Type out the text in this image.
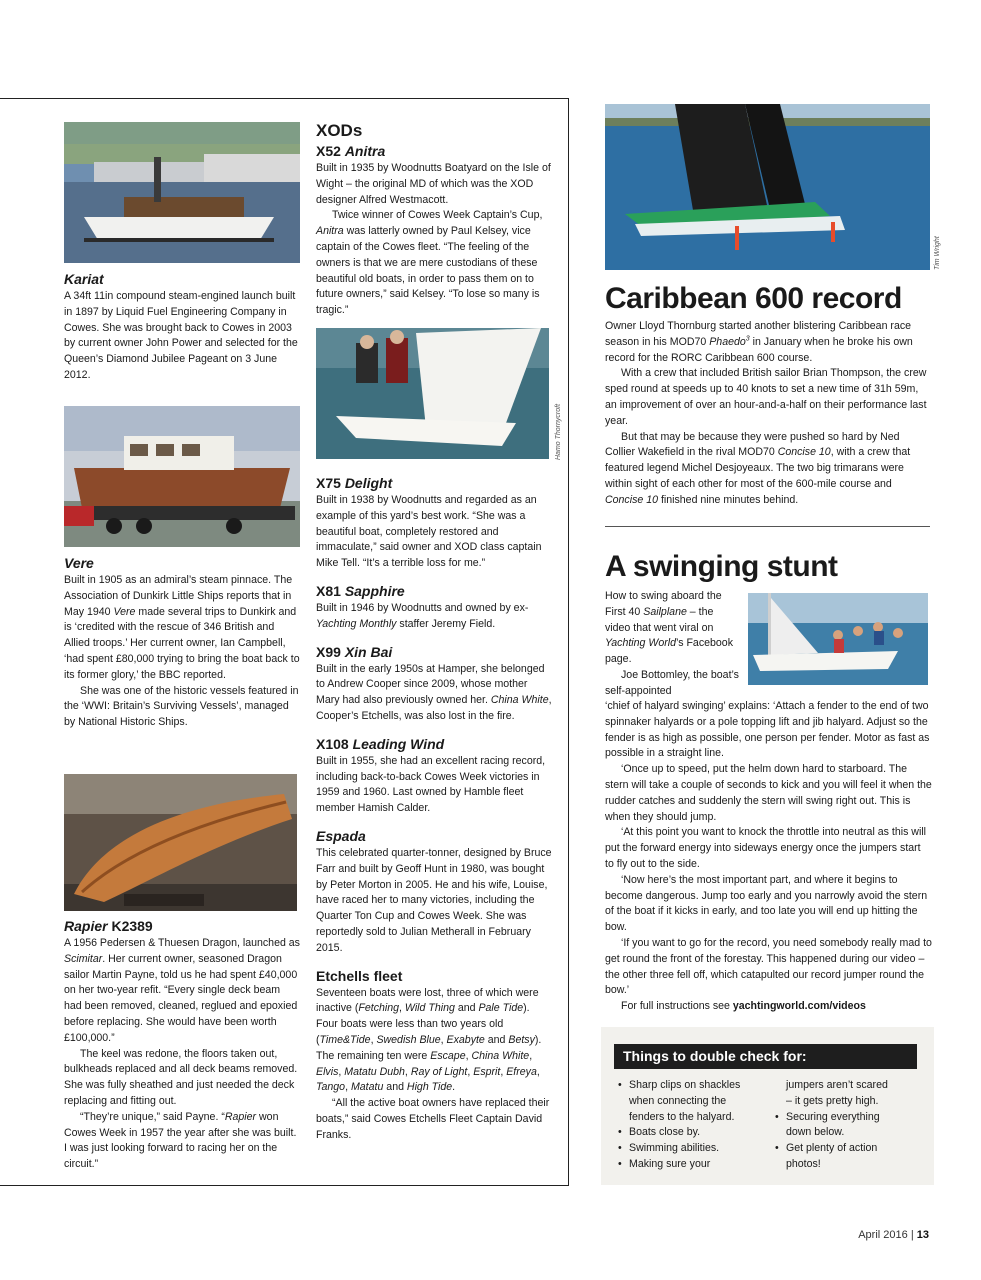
Kariat

A 34ft 11in compound steam-engined launch built in 1897 by Liquid Fuel Engineering Company in Cowes. She was brought back to Cowes in 2003 by current owner John Power and selected for the Queen’s Diamond Jubilee Pageant on 3 June 2012.

Vere

Built in 1905 as an admiral’s steam pinnace. The Association of Dunkirk Little Ships reports that in May 1940 Vere made several trips to Dunkirk and is ‘credited with the rescue of 346 British and Allied troops.’ Her current owner, Ian Campbell, ‘had spent £80,000 trying to bring the boat back to its former glory,’ the BBC reported.

She was one of the historic vessels featured in the ‘WWI: Britain’s Surviving Vessels’, managed by National Historic Ships.

Rapier K2389

A 1956 Pedersen & Thuesen Dragon, launched as Scimitar. Her current owner, seasoned Dragon sailor Martin Payne, told us he had spent £40,000 on her two-year refit. “Every single deck beam had been removed, cleaned, reglued and epoxied before replacing. She would have been worth £100,000.”

The keel was redone, the floors taken out, bulkheads replaced and all deck beams removed. She was fully sheathed and just needed the deck replacing and fitting out.

“They’re unique,” said Payne. “Rapier won Cowes Week in 1957 the year after she was built. I was just looking forward to racing her on the circuit.”

XODs
X52 Anitra

Built in 1935 by Woodnutts Boatyard on the Isle of Wight – the original MD of which was the XOD designer Alfred Westmacott.

Twice winner of Cowes Week Captain’s Cup, Anitra was latterly owned by Paul Kelsey, vice captain of the Cowes fleet. “The feeling of the owners is that we are mere custodians of these beautiful old boats, in order to pass them on to future owners,” said Kelsey. “To lose so many is tragic.”

Hamo Thornycroft
X75 Delight

Built in 1938 by Woodnutts and regarded as an example of this yard’s best work. “She was a beautiful boat, completely restored and immaculate,” said owner and XOD class captain Mike Tell. “It’s a terrible loss for me.”

X81 Sapphire

Built in 1946 by Woodnutts and owned by ex-Yachting Monthly staffer Jeremy Field.

X99 Xin Bai

Built in the early 1950s at Hamper, she belonged to Andrew Cooper since 2009, whose mother Mary had also previously owned her. China White, Cooper’s Etchells, was also lost in the fire.

X108 Leading Wind

Built in 1955, she had an excellent racing record, including back-to-back Cowes Week victories in 1959 and 1960. Last owned by Hamble fleet member Hamish Calder.

Espada

This celebrated quarter-tonner, designed by Bruce Farr and built by Geoff Hunt in 1980, was bought by Peter Morton in 2005. He and his wife, Louise, have raced her to many victories, including the Quarter Ton Cup and Cowes Week. She was reportedly sold to Julian Metherall in February 2015.

Etchells fleet

Seventeen boats were lost, three of which were inactive (Fetching, Wild Thing and Pale Tide). Four boats were less than two years old (Time&Tide, Swedish Blue, Exabyte and Betsy). The remaining ten were Escape, China White, Elvis, Matatu Dubh, Ray of Light, Esprit, Efreya, Tango, Matatu and High Tide.

“All the active boat owners have replaced their boats,” said Cowes Etchells Fleet Captain David Franks.

Tim Wright
Caribbean 600 record

Owner Lloyd Thornburg started another blistering Caribbean race season in his MOD70 Phaedo$^3$ in January when he broke his own record for the RORC Caribbean 600 course.

With a crew that included British sailor Brian Thompson, the crew sped round at speeds up to 40 knots to set a new time of 31h 59m, an improvement of over an hour-and-a-half on their performance last year.

But that may be because they were pushed so hard by Ned Collier Wakefield in the rival MOD70 Concise 10, with a crew that featured legend Michel Desjoyeaux. The two big trimarans were within sight of each other for most of the 600-mile course and Concise 10 finished nine minutes behind.

A swinging stunt

How to swing aboard the First 40 Sailplane – the video that went viral on Yachting World’s Facebook page.

Joe Bottomley, the boat’s self-appointed

‘chief of halyard swinging’ explains: ‘Attach a fender to the end of two spinnaker halyards or a pole topping lift and jib halyard. Adjust so the fender is as high as possible, one person per fender. Motor as fast as possible in a straight line.

‘Once up to speed, put the helm down hard to starboard. The stern will take a couple of seconds to kick and you will feel it when the rudder catches and suddenly the stern will swing right out. This is when they should jump.

‘At this point you want to knock the throttle into neutral as this will put the forward energy into sideways energy once the jumpers start to fly out to the side.

‘Now here’s the most important part, and where it begins to become dangerous. Jump too early and you narrowly avoid the stern of the boat if it kicks in early, and too late you will end up hitting the bow.

‘If you want to go for the record, you need somebody really mad to get round the front of the forestay. This happened during our video – the other three fell off, which catapulted our record jumper round the bow.’

For full instructions see yachtingworld.com/videos

Things to double check for:
• Sharp clips on shackles
when connecting the
fenders to the halyard.
• Boats close by.
• Swimming abilities.
• Making sure your
jumpers aren’t scared
– it gets pretty high.
• Securing everything
down below.
• Get plenty of action
photos!
April 2016 | 13
